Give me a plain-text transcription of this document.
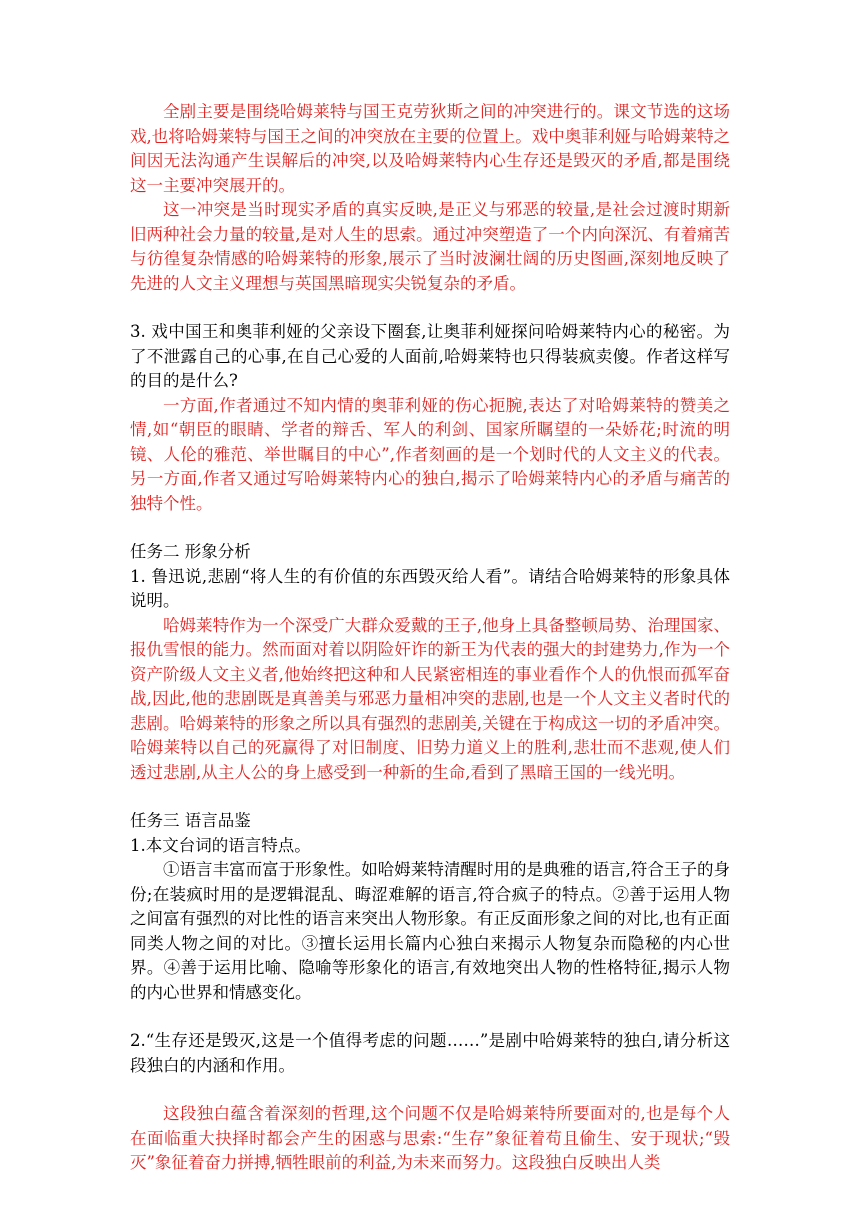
全剧主要是围绕哈姆莱特与国王克劳狄斯之间的冲突进行的。课文节选的这场戏,也将哈姆莱特与国王之间的冲突放在主要的位置上。戏中奥菲利娅与哈姆莱特之间因无法沟通产生误解后的冲突,以及哈姆莱特内心生存还是毁灭的矛盾,都是围绕这一主要冲突展开的。

这一冲突是当时现实矛盾的真实反映,是正义与邪恶的较量,是社会过渡时期新旧两种社会力量的较量,是对人生的思索。通过冲突塑造了一个内向深沉、有着痛苦与彷徨复杂情感的哈姆莱特的形象,展示了当时波澜壮阔的历史图画,深刻地反映了先进的人文主义理想与英国黑暗现实尖锐复杂的矛盾。

3. 戏中国王和奥菲利娅的父亲设下圈套,让奥菲利娅探问哈姆莱特内心的秘密。为了不泄露自己的心事,在自己心爱的人面前,哈姆莱特也只得装疯卖傻。作者这样写的目的是什么?

一方面,作者通过不知内情的奥菲利娅的伤心扼腕,表达了对哈姆莱特的赞美之情,如“朝臣的眼睛、学者的辩舌、军人的利剑、国家所瞩望的一朵娇花;时流的明镜、人伦的雅范、举世瞩目的中心”,作者刻画的是一个划时代的人文主义的代表。另一方面,作者又通过写哈姆莱特内心的独白,揭示了哈姆莱特内心的矛盾与痛苦的独特个性。

任务二 形象分析

1. 鲁迅说,悲剧“将人生的有价值的东西毁灭给人看”。请结合哈姆莱特的形象具体说明。

哈姆莱特作为一个深受广大群众爱戴的王子,他身上具备整顿局势、治理国家、报仇雪恨的能力。然而面对着以阴险奸诈的新王为代表的强大的封建势力,作为一个资产阶级人文主义者,他始终把这种和人民紧密相连的事业看作个人的仇恨而孤军奋战,因此,他的悲剧既是真善美与邪恶力量相冲突的悲剧,也是一个人文主义者时代的悲剧。哈姆莱特的形象之所以具有强烈的悲剧美,关键在于构成这一切的矛盾冲突。哈姆莱特以自己的死赢得了对旧制度、旧势力道义上的胜利,悲壮而不悲观,使人们透过悲剧,从主人公的身上感受到一种新的生命,看到了黑暗王国的一线光明。

任务三 语言品鉴

1.本文台词的语言特点。

①语言丰富而富于形象性。如哈姆莱特清醒时用的是典雅的语言,符合王子的身份;在装疯时用的是逻辑混乱、晦涩难解的语言,符合疯子的特点。②善于运用人物之间富有强烈的对比性的语言来突出人物形象。有正反面形象之间的对比,也有正面同类人物之间的对比。③擅长运用长篇内心独白来揭示人物复杂而隐秘的内心世界。④善于运用比喻、隐喻等形象化的语言,有效地突出人物的性格特征,揭示人物的内心世界和情感变化。

2.“生存还是毁灭,这是一个值得考虑的问题……”是剧中哈姆莱特的独白,请分析这段独白的内涵和作用。

这段独白蕴含着深刻的哲理,这个问题不仅是哈姆莱特所要面对的,也是每个人在面临重大抉择时都会产生的困惑与思索:“生存”象征着苟且偷生、安于现状;“毁灭”象征着奋力拼搏,牺牲眼前的利益,为未来而努力。这段独白反映出人类
